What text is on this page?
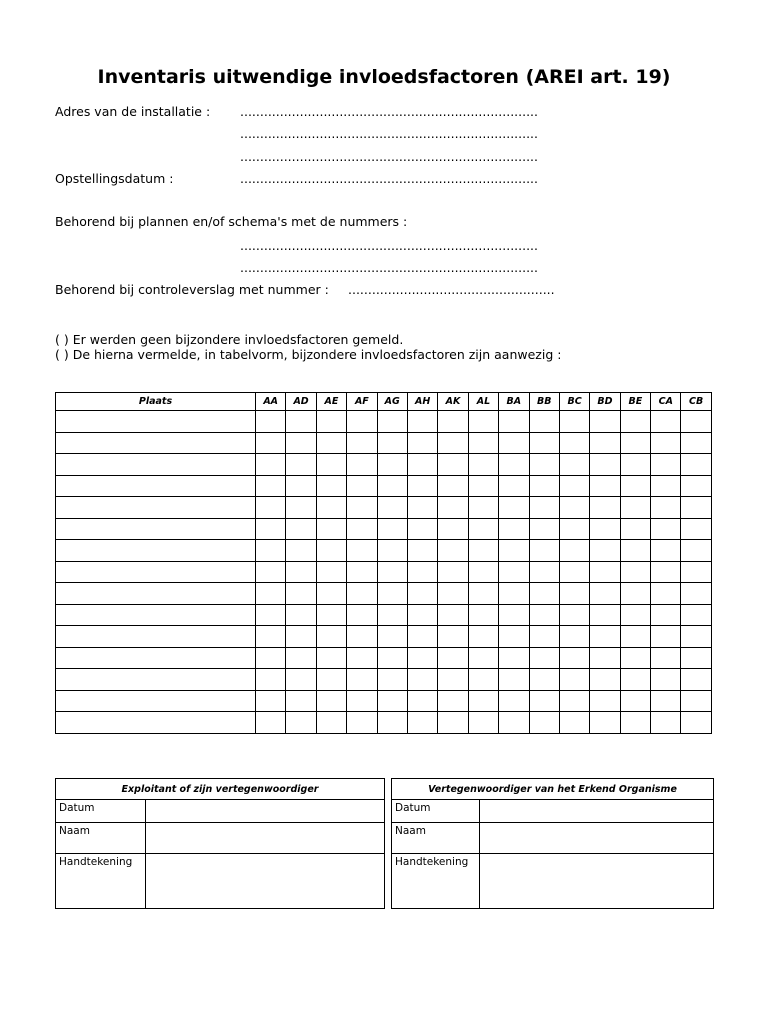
Inventaris uitwendige invloedsfactoren (AREI art. 19)
Adres van de installatie : ...........................................................................
...........................................................................
...........................................................................
Opstellingsdatum :	...........................................................................
Behorend bij plannen en/of schema's met de nummers :
...........................................................................
...........................................................................
Behorend bij controleverslag met nummer : ....................................................
( ) Er werden geen bijzondere invloedsfactoren gemeld.
( ) De hierna vermelde, in tabelvorm, bijzondere invloedsfactoren zijn aanwezig :
Plaats	AA	AD	AE	AF	AG	AH	AK	AL	BA	BB	BC	BD	BE	CA	CB

Exploitant of zijn vertegenwoordiger	
Datum	
Naam	
Handtekening	
Vertegenwoordiger van het Erkend Organisme	
Datum	
Naam	
Handtekening	
